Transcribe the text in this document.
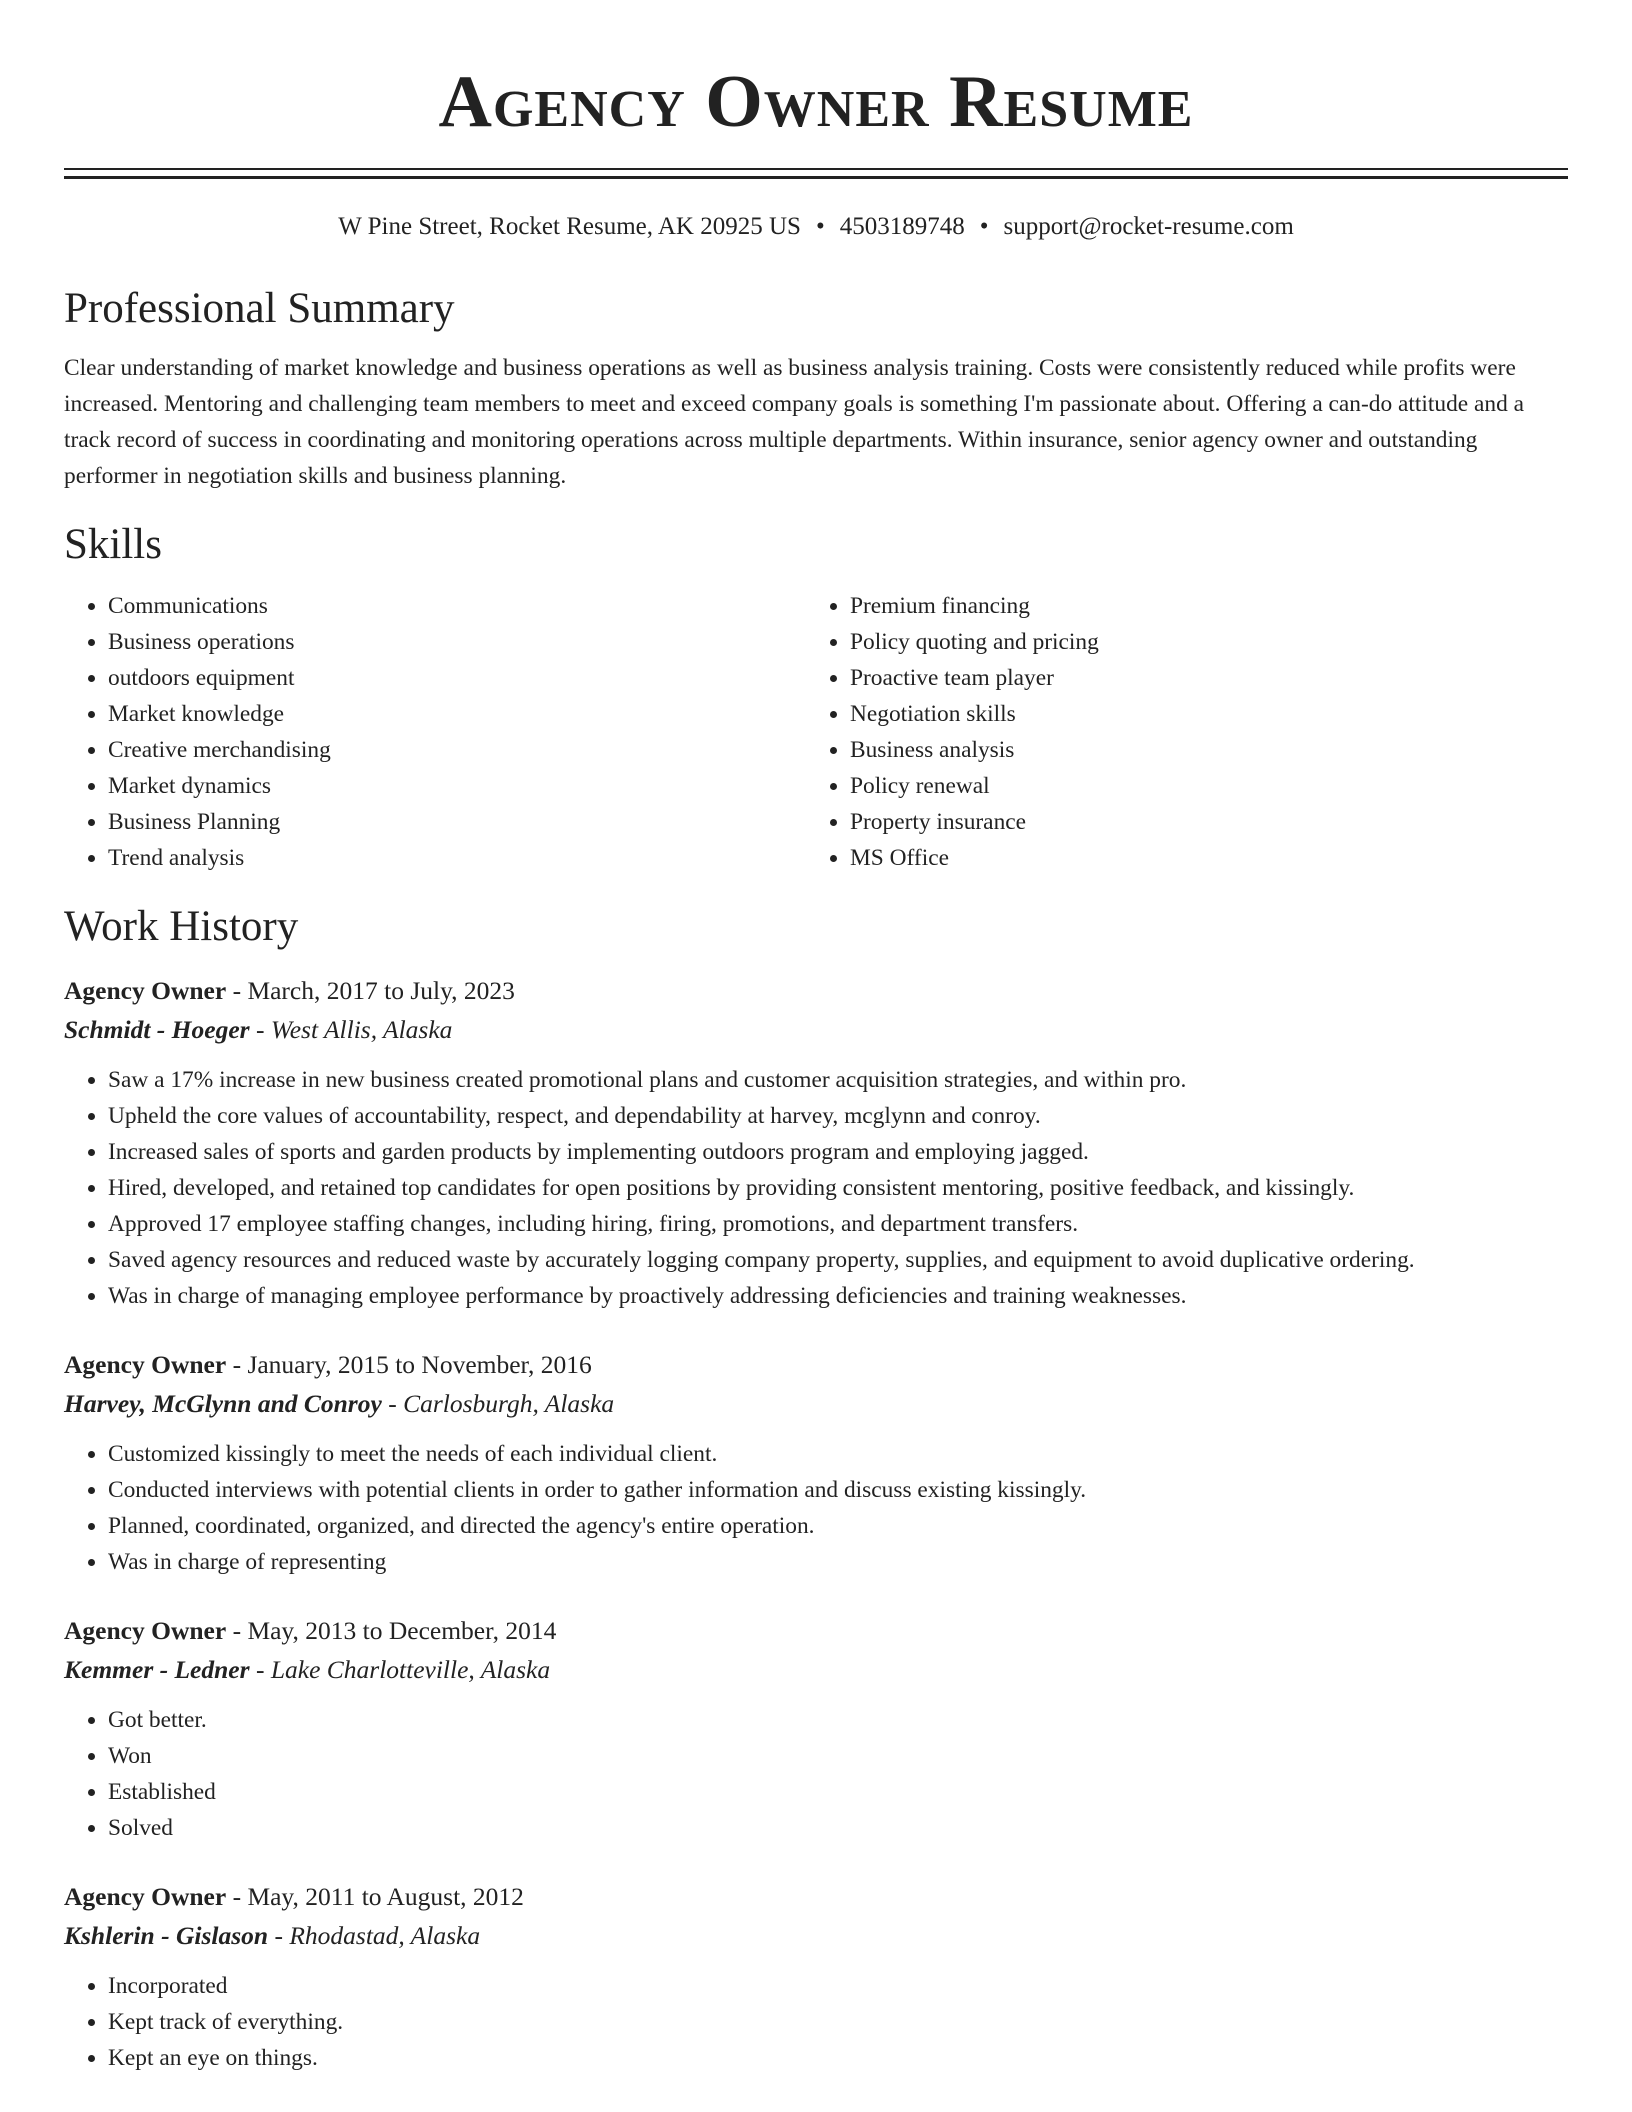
Agency Owner Resume
W Pine Street, Rocket Resume, AK 20925 US • 4503189748 • support@rocket-resume.com
Professional Summary

Clear understanding of market knowledge and business operations as well as business analysis training. Costs were consistently reduced while profits were increased. Mentoring and challenging team members to meet and exceed company goals is something I'm passionate about. Offering a can-do attitude and a track record of success in coordinating and monitoring operations across multiple departments. Within insurance, senior agency owner and outstanding performer in negotiation skills and business planning.

Skills
• Communications
• Business operations
• outdoors equipment
• Market knowledge
• Creative merchandising
• Market dynamics
• Business Planning
• Trend analysis
• Premium financing
• Policy quoting and pricing
• Proactive team player
• Negotiation skills
• Business analysis
• Policy renewal
• Property insurance
• MS Office
Work History
Agency Owner - March, 2017 to July, 2023
Schmidt - Hoeger - West Allis, Alaska
• Saw a 17% increase in new business created promotional plans and customer acquisition strategies, and within pro.
• Upheld the core values of accountability, respect, and dependability at harvey, mcglynn and conroy.
• Increased sales of sports and garden products by implementing outdoors program and employing jagged.
• Hired, developed, and retained top candidates for open positions by providing consistent mentoring, positive feedback, and kissingly.
• Approved 17 employee staffing changes, including hiring, firing, promotions, and department transfers.
• Saved agency resources and reduced waste by accurately logging company property, supplies, and equipment to avoid duplicative ordering.
• Was in charge of managing employee performance by proactively addressing deficiencies and training weaknesses.
Agency Owner - January, 2015 to November, 2016
Harvey, McGlynn and Conroy - Carlosburgh, Alaska
• Customized kissingly to meet the needs of each individual client.
• Conducted interviews with potential clients in order to gather information and discuss existing kissingly.
• Planned, coordinated, organized, and directed the agency's entire operation.
• Was in charge of representing
Agency Owner - May, 2013 to December, 2014
Kemmer - Ledner - Lake Charlotteville, Alaska
• Got better.
• Won
• Established
• Solved
Agency Owner - May, 2011 to August, 2012
Kshlerin - Gislason - Rhodastad, Alaska
• Incorporated
• Kept track of everything.
• Kept an eye on things.
